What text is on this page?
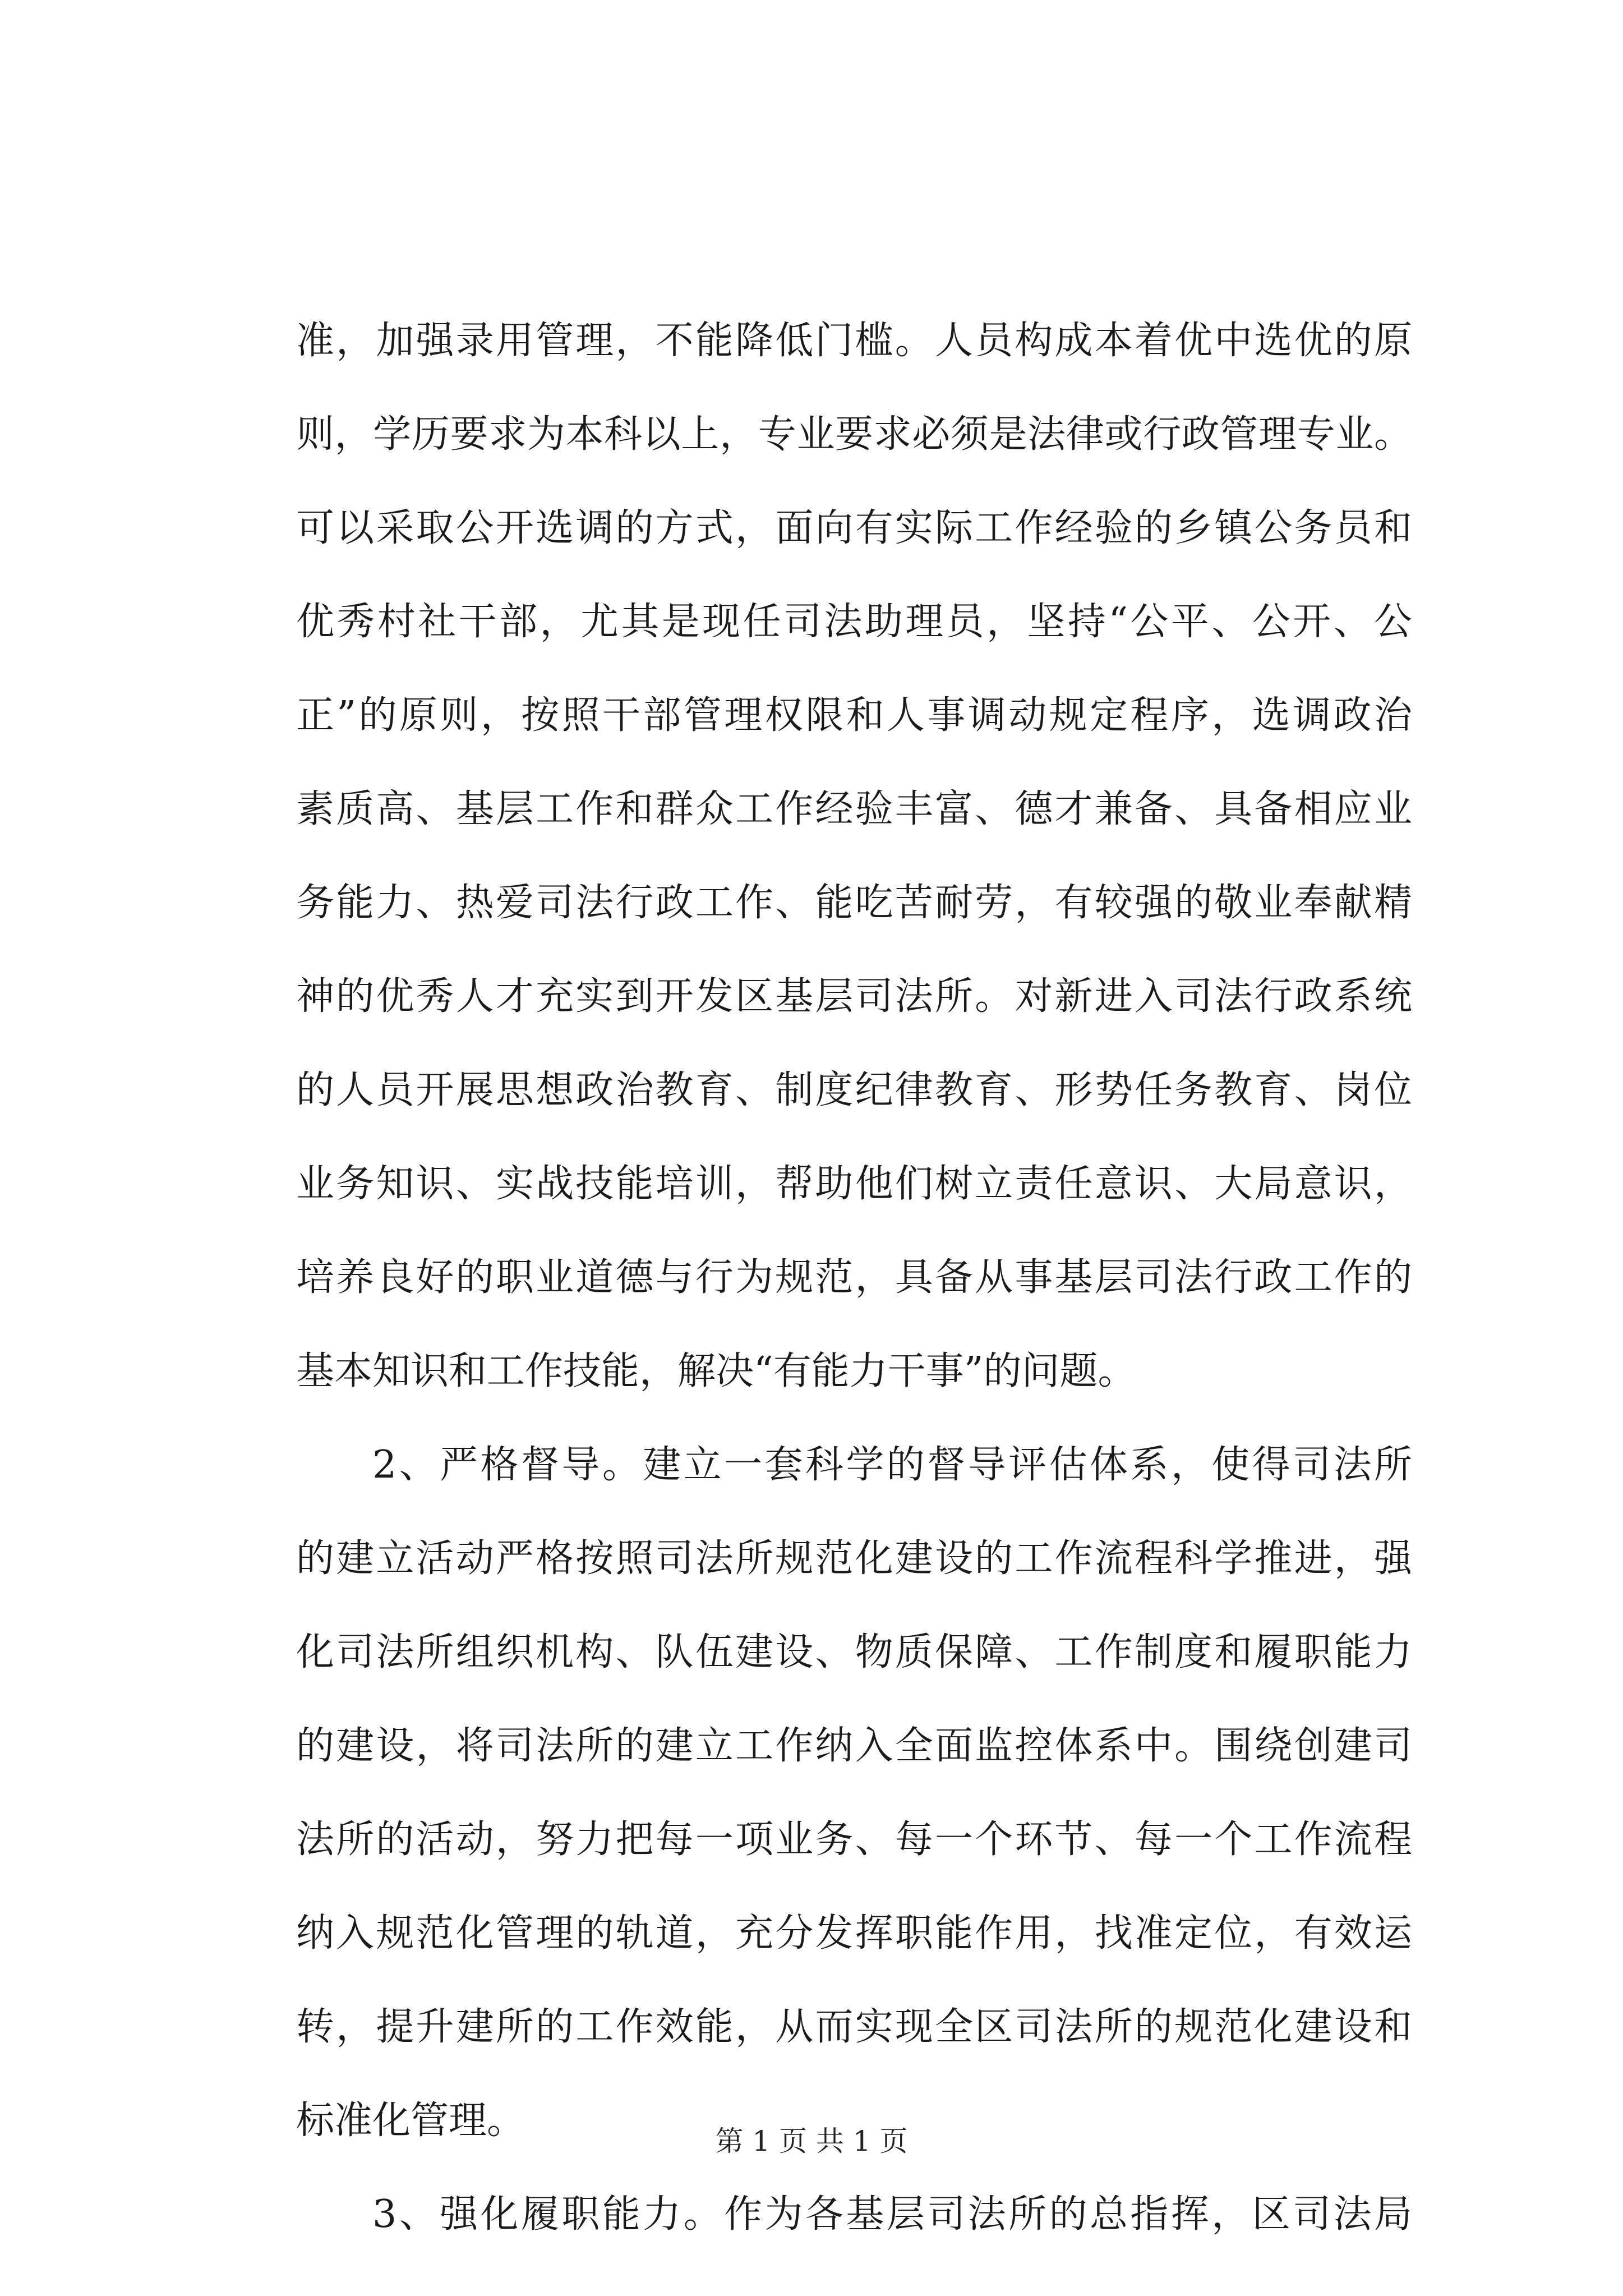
准，加强录用管理，不能降低门槛。人员构成本着优中选优的原
则，学历要求为本科以上，专业要求必须是法律或行政管理专业。
可以采取公开选调的方式，面向有实际工作经验的乡镇公务员和
优秀村社干部，尤其是现任司法助理员，坚持“公平、公开、公
正”的原则，按照干部管理权限和人事调动规定程序，选调政治
素质高、基层工作和群众工作经验丰富、德才兼备、具备相应业
务能力、热爱司法行政工作、能吃苦耐劳，有较强的敬业奉献精
神的优秀人才充实到开发区基层司法所。对新进入司法行政系统
的人员开展思想政治教育、制度纪律教育、形势任务教育、岗位
业务知识、实战技能培训，帮助他们树立责任意识、大局意识，
培养良好的职业道德与行为规范，具备从事基层司法行政工作的
基本知识和工作技能，解决“有能力干事”的问题。
2、严格督导。建立一套科学的督导评估体系，使得司法所
的建立活动严格按照司法所规范化建设的工作流程科学推进，强
化司法所组织机构、队伍建设、物质保障、工作制度和履职能力
的建设，将司法所的建立工作纳入全面监控体系中。围绕创建司
法所的活动，努力把每一项业务、每一个环节、每一个工作流程
纳入规范化管理的轨道，充分发挥职能作用，找准定位，有效运
转，提升建所的工作效能，从而实现全区司法所的规范化建设和
标准化管理。
3、强化履职能力。作为各基层司法所的总指挥，区司法局
第 1 页 共 1 页
